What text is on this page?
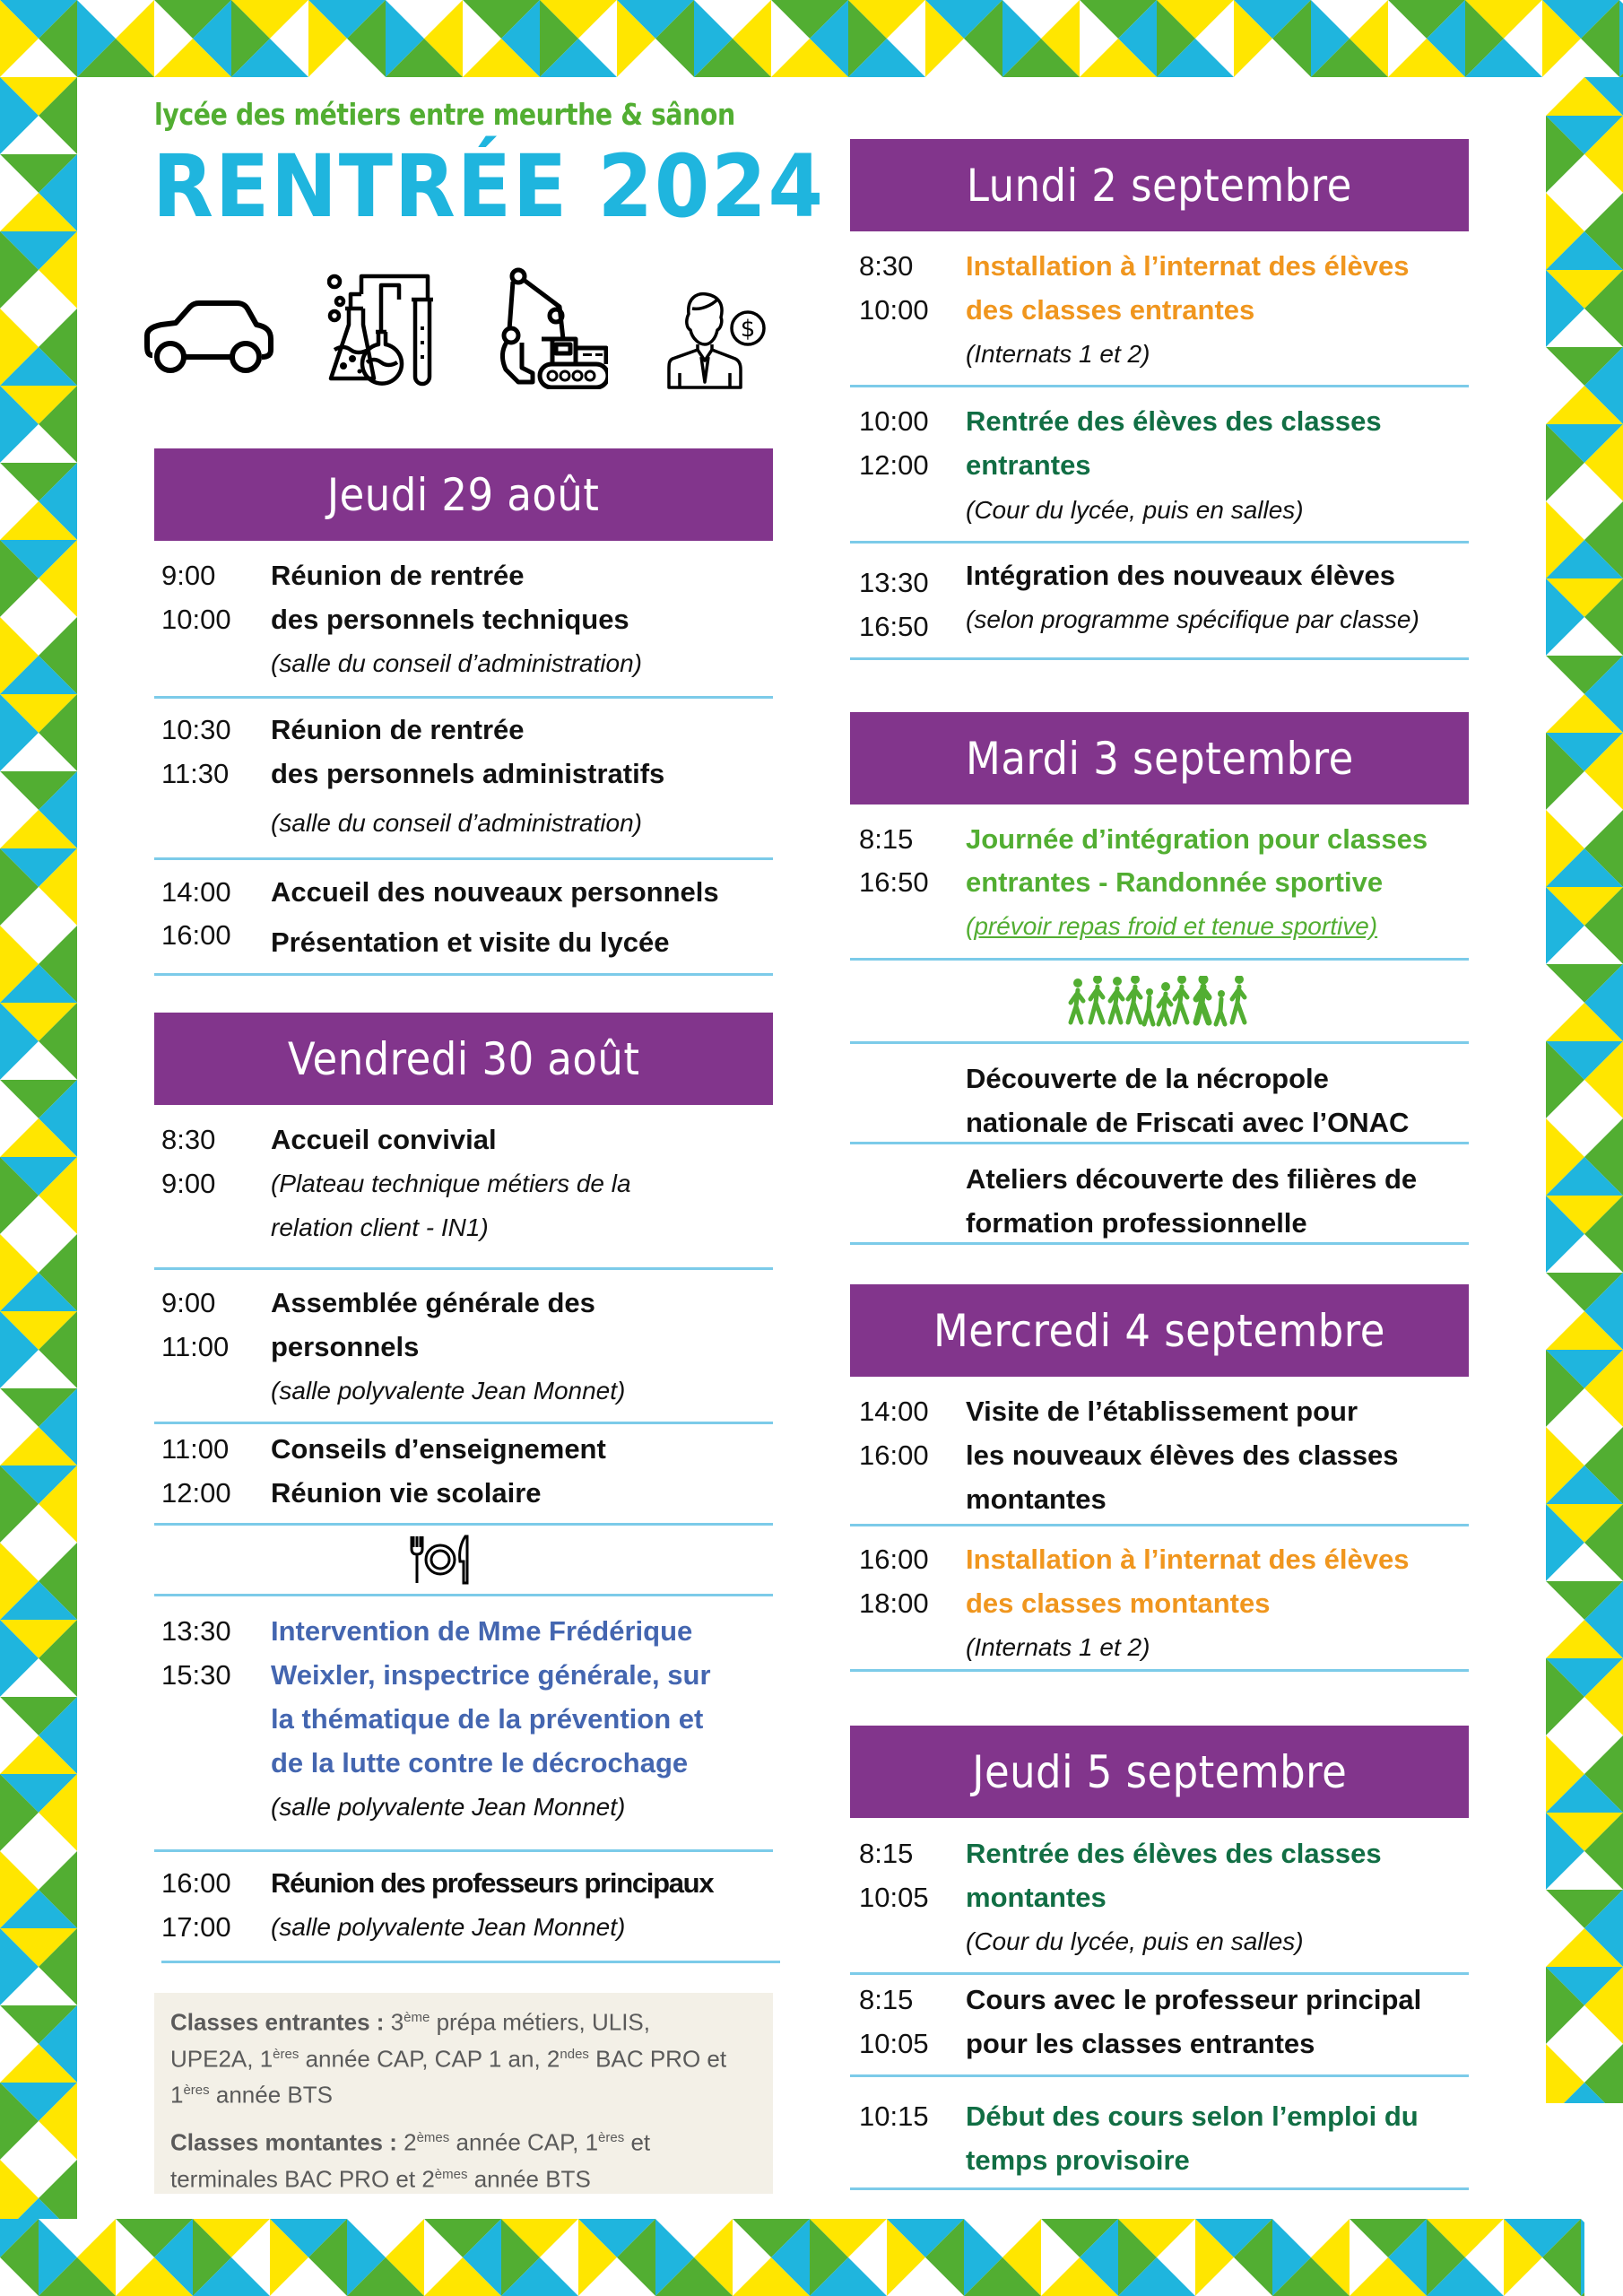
lycée des métiers entre meurthe & sânon
RENTRÉE 2024
$
Jeudi 29 août
9:00
10:00
Réunion de rentrée
des personnels techniques
(salle du conseil d’administration)
10:30
11:30
Réunion de rentrée
des personnels administratifs
(salle du conseil d’administration)
14:00
16:00
Accueil des nouveaux personnels
Présentation et visite du lycée
Vendredi 30 août
8:30
9:00
Accueil convivial
(Plateau technique métiers de la
relation client - IN1)
9:00
11:00
Assemblée générale des
personnels
(salle polyvalente Jean Monnet)
11:00
12:00
Conseils d’enseignement
Réunion vie scolaire
13:30
15:30
Intervention de Mme Frédérique
Weixler, inspectrice générale, sur
la thématique de la prévention et
de la lutte contre le décrochage
(salle polyvalente Jean Monnet)
16:00
17:00
Réunion des professeurs principaux
(salle polyvalente Jean Monnet)

Classes entrantes : 3ème prépa métiers, ULIS,
UPE2A, 1ères année CAP, CAP 1 an, $2^{ndes}$ BAC PRO et
1ères année BTS

Classes montantes : 2èmes année CAP, 1ères et
terminales BAC PRO et 2èmes année BTS

Lundi 2 septembre
8:30
10:00
Installation à l’internat des élèves
des classes entrantes
(Internats 1 et 2)
10:00
12:00
Rentrée des élèves des classes
entrantes
(Cour du lycée, puis en salles)
13:30
16:50
Intégration des nouveaux élèves
(selon programme spécifique par classe)
Mardi 3 septembre
8:15
16:50
Journée d’intégration pour classes
entrantes - Randonnée sportive
(prévoir repas froid et tenue sportive)
Découverte de la nécropole
nationale de Friscati avec l’ONAC
Ateliers découverte des filières de
formation professionnelle
Mercredi 4 septembre
14:00
16:00
Visite de l’établissement pour
les nouveaux élèves des classes
montantes
16:00
18:00
Installation à l’internat des élèves
des classes montantes
(Internats 1 et 2)
Jeudi 5 septembre
8:15
10:05
Rentrée des élèves des classes
montantes
(Cour du lycée, puis en salles)
8:15
10:05
Cours avec le professeur principal
pour les classes entrantes
10:15 Début des cours selon l’emploi du
temps provisoire
